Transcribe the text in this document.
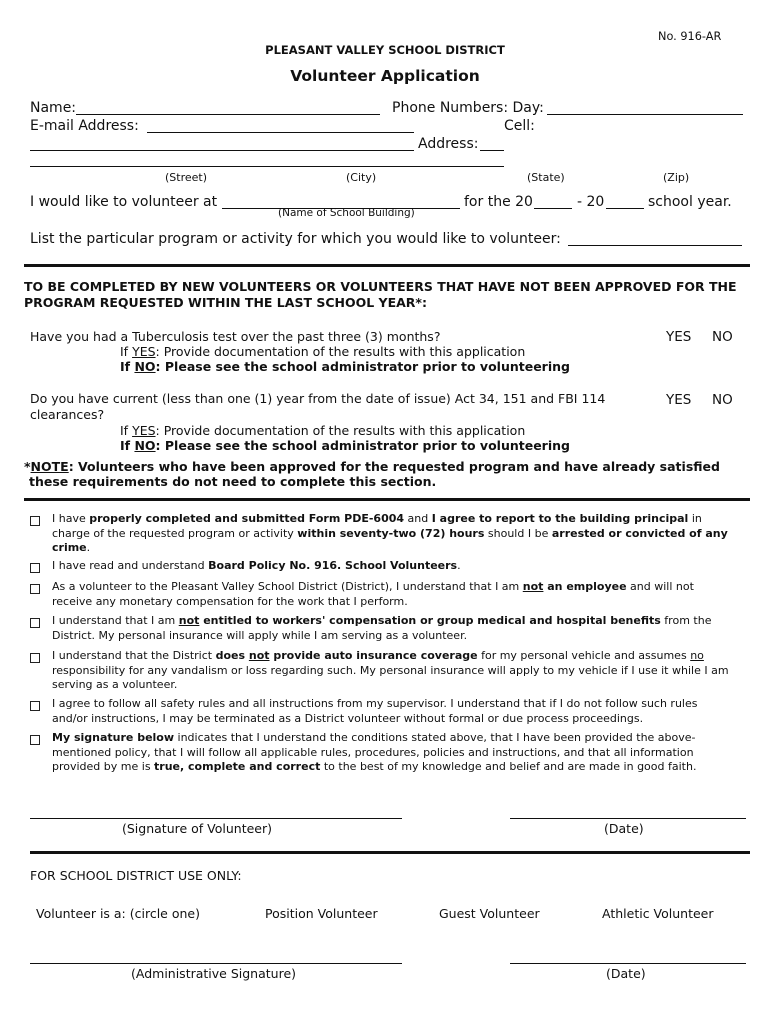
No. 916-AR
PLEASANT VALLEY SCHOOL DISTRICT
Volunteer Application
Name:	Phone Numbers: Day:
E-mail Address:	Cell:
Address:
(Street)	(City)	(State)	(Zip)
I would like to volunteer at
(Name of School Building)
for the 20	- 20	school year.
List the particular program or activity for which you would like to volunteer:
TO BE COMPLETED BY NEW VOLUNTEERS OR VOLUNTEERS THAT HAVE NOT BEEN APPROVED FOR THE
PROGRAM REQUESTED WITHIN THE LAST SCHOOL YEAR*:
Have you had a Tuberculosis test over the past three (3) months?	YES NO
If YES: Provide documentation of the results with this application
If NO: Please see the school administrator prior to volunteering
Do you have current (less than one (1) year from the date of issue) Act 34, 151 and FBI 114
clearances?
YES NO
If YES: Provide documentation of the results with this application
If NO: Please see the school administrator prior to volunteering
*NOTE: Volunteers who have been approved for the requested program and have already satisfied
these requirements do not need to complete this section.
I have properly completed and submitted Form PDE-6004 and I agree to report to the building principal in charge of the requested program or activity within seventy-two (72) hours should I be arrested or convicted of any crime.
I have read and understand Board Policy No. 916. School Volunteers.
As a volunteer to the Pleasant Valley School District (District), I understand that I am not an employee and will not receive any monetary compensation for the work that I perform.
I understand that I am not entitled to workers' compensation or group medical and hospital benefits from the District. My personal insurance will apply while I am serving as a volunteer.
I understand that the District does not provide auto insurance coverage for my personal vehicle and assumes no responsibility for any vandalism or loss regarding such. My personal insurance will apply to my vehicle if I use it while I am serving as a volunteer.
I agree to follow all safety rules and all instructions from my supervisor. I understand that if I do not follow such rules and/or instructions, I may be terminated as a District volunteer without formal or due process proceedings.
My signature below indicates that I understand the conditions stated above, that I have been provided the above-mentioned policy, that I will follow all applicable rules, procedures, policies and instructions, and that all information provided by me is true, complete and correct to the best of my knowledge and belief and are made in good faith.
(Signature of Volunteer)	(Date)
FOR SCHOOL DISTRICT USE ONLY:
Volunteer is a: (circle one)	Position Volunteer	Guest Volunteer	Athletic Volunteer
(Administrative Signature)	(Date)
